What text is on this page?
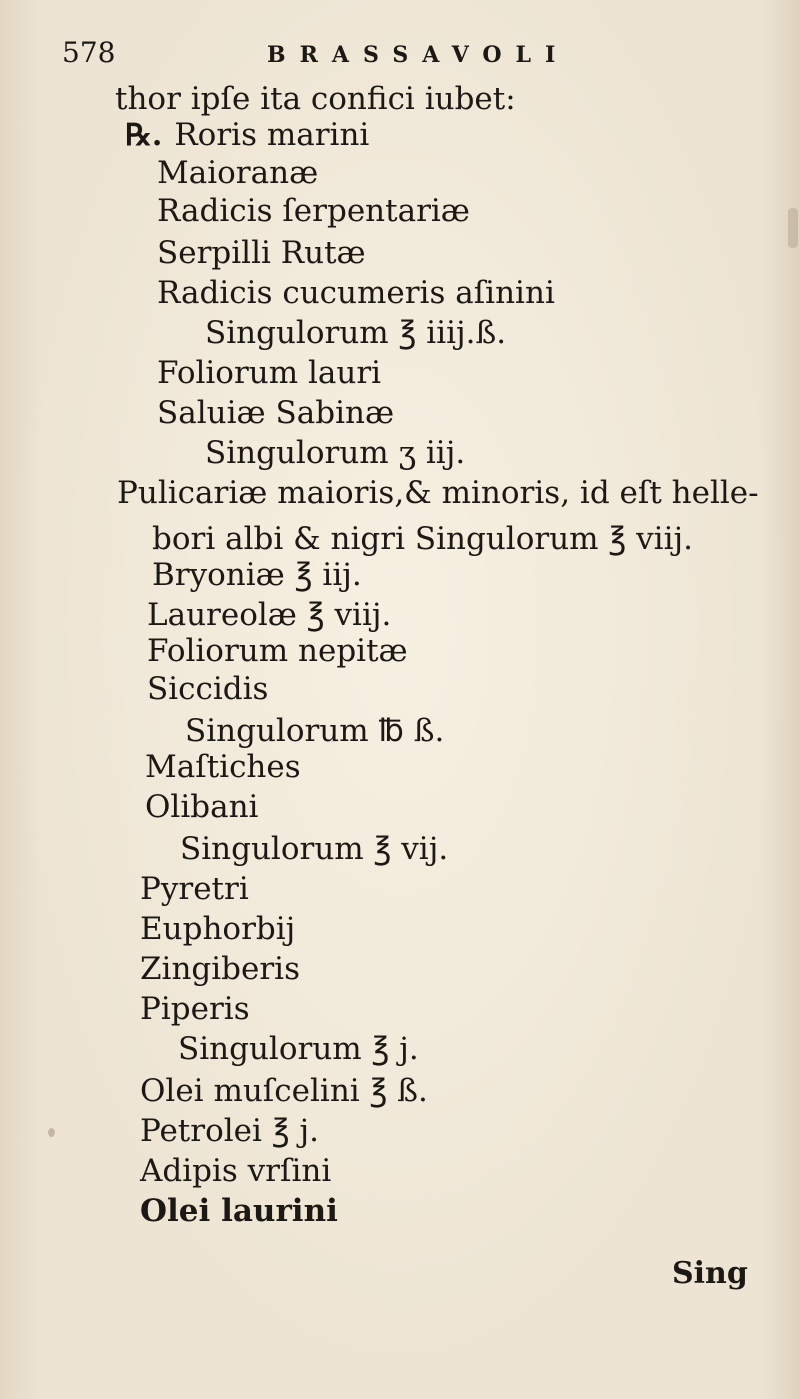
578	BRASSAVOLI
thor ipſe ita confici iubet:
℞. Roris marini
Maioranæ
Radicis ſerpentariæ
Serpilli Rutæ
Radicis cucumeris aſinini
Singulorum ℥ iiij.ß.
Foliorum lauri
Saluiæ Sabinæ
Singulorum ʒ iij.
Pulicariæ maioris,& minoris, id eſt helle-
bori albi & nigri Singulorum ℥ viij.
Bryoniæ ℥ iij.
Laureolæ ℥ viij.
Foliorum nepitæ
Siccidis
Singulorum ℔ ß.
Maſtiches
Olibani
Singulorum ℥ vij.
Pyretri
Euphorbij
Zingiberis
Piperis
Singulorum ℥ j.
Olei muſcelini ℥ ß.
Petrolei ℥ j.
Adipis vrſini
Olei laurini
Sing
